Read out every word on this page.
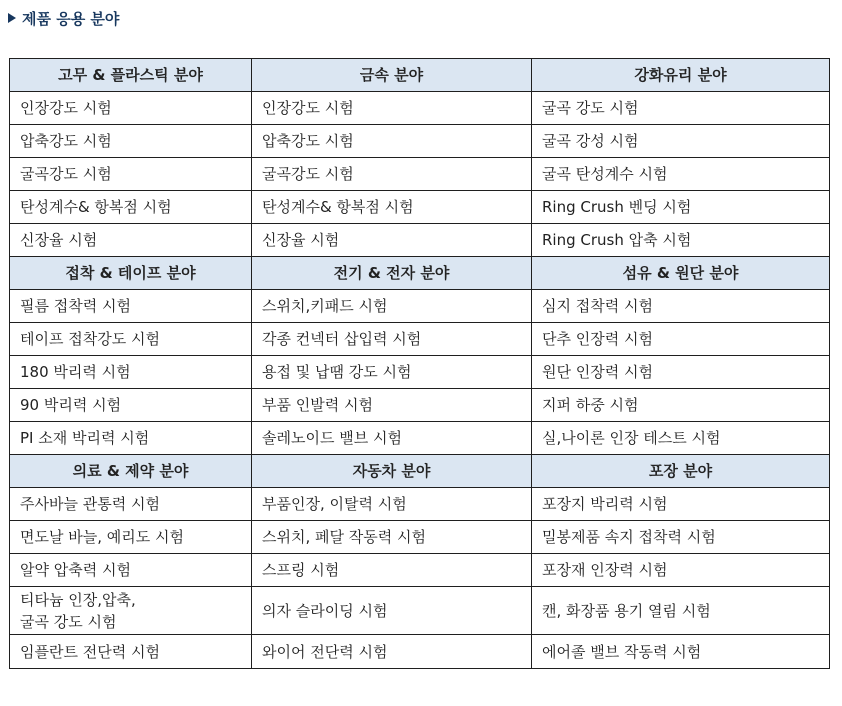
제품 응용 분야
고무 & 플라스틱 분야	금속 분야	강화유리 분야
인장강도 시험	인장강도 시험	굴곡 강도 시험
압축강도 시험	압축강도 시험	굴곡 강성 시험
굴곡강도 시험	굴곡강도 시험	굴곡 탄성계수 시험
탄성계수& 항복점 시험	탄성계수& 항복점 시험	Ring Crush 벤딩 시험
신장율 시험	신장율 시험	Ring Crush 압축 시험
접착 & 테이프 분야	전기 & 전자 분야	섬유 & 원단 분야
필름 접착력 시험	스위치,키패드 시험	심지 접착력 시험
테이프 접착강도 시험	각종 컨넥터 삽입력 시험	단추 인장력 시험
180 박리력 시험	용접 및 납땜 강도 시험	원단 인장력 시험
90 박리력 시험	부품 인발력 시험	지퍼 하중 시험
PI 소재 박리력 시험	솔레노이드 밸브 시험	실,나이론 인장 테스트 시험
의료 & 제약 분야	자동차 분야	포장 분야
주사바늘 관통력 시험	부품인장, 이탈력 시험	포장지 박리력 시험
면도날 바늘, 예리도 시험	스위치, 페달 작동력 시험	밀봉제품 속지 접착력 시험
알약 압축력 시험	스프링 시험	포장재 인장력 시험
티타늄 인장,압축,
굴곡 강도 시험	의자 슬라이딩 시험	캔, 화장품 용기 열림 시험
임플란트 전단력 시험	와이어 전단력 시험	에어졸 밸브 작동력 시험
